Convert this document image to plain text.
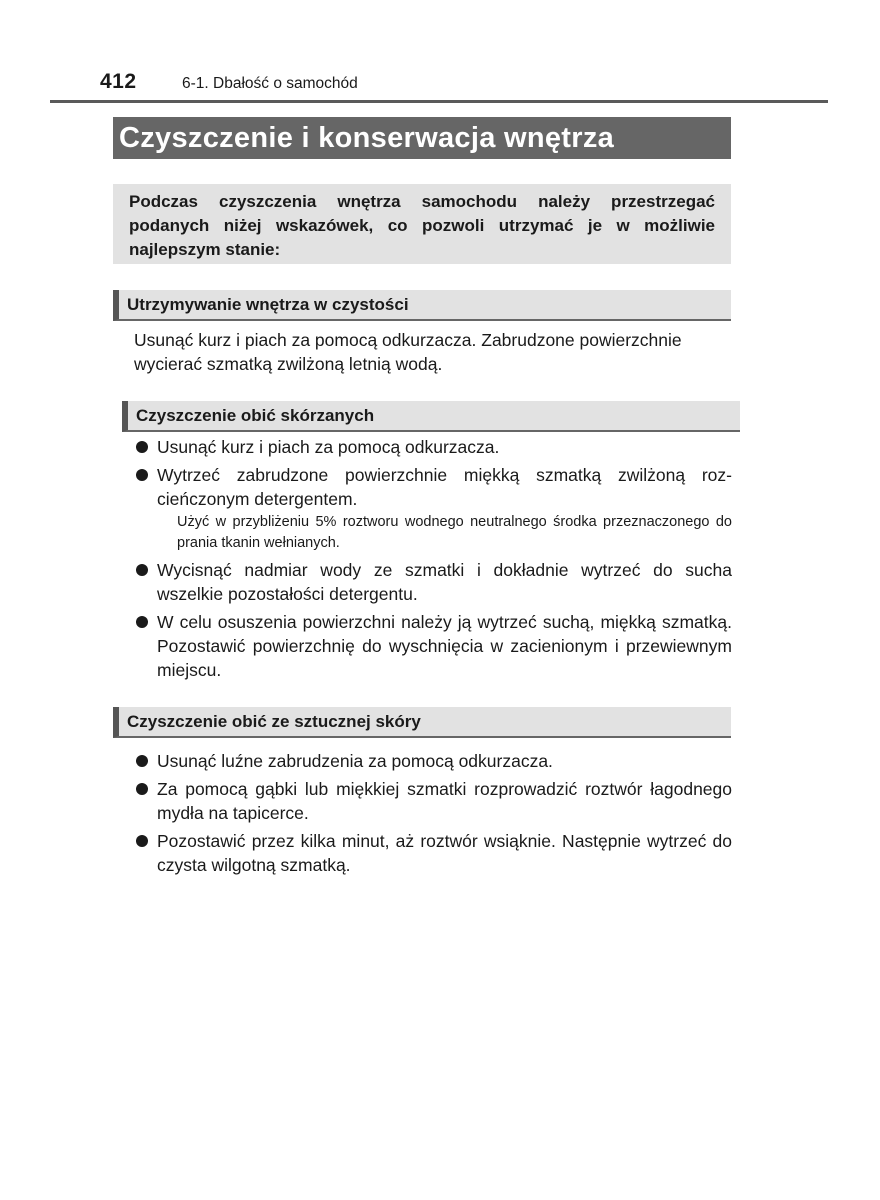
412	6-1. Dbałość o samochód
Czyszczenie i konserwacja wnętrza
Podczas czyszczenia wnętrza samochodu należy przestrzegać podanych niżej wskazówek, co pozwoli utrzymać je w możliwie najlepszym stanie:
Utrzymywanie wnętrza w czystości
Usunąć kurz i piach za pomocą odkurzacza. Zabrudzone powierzchnie wycierać szmatką zwilżoną letnią wodą.
Czyszczenie obić skórzanych
Usunąć kurz i piach za pomocą odkurzacza.
Wytrzeć zabrudzone powierzchnie miękką szmatką zwilżoną rozcieńczonym detergentem.
Użyć w przybliżeniu 5% roztworu wodnego neutralnego środka przeznaczonego do prania tkanin wełnianych.
Wycisnąć nadmiar wody ze szmatki i dokładnie wytrzeć do sucha wszelkie pozostałości detergentu.
W celu osuszenia powierzchni należy ją wytrzeć suchą, miękką szmatką. Pozostawić powierzchnię do wyschnięcia w zacienionym i przewiewnym miejscu.
Czyszczenie obić ze sztucznej skóry
Usunąć luźne zabrudzenia za pomocą odkurzacza.
Za pomocą gąbki lub miękkiej szmatki rozprowadzić roztwór łagodnego mydła na tapicerce.
Pozostawić przez kilka minut, aż roztwór wsiąknie. Następnie wytrzeć do czysta wilgotną szmatką.
